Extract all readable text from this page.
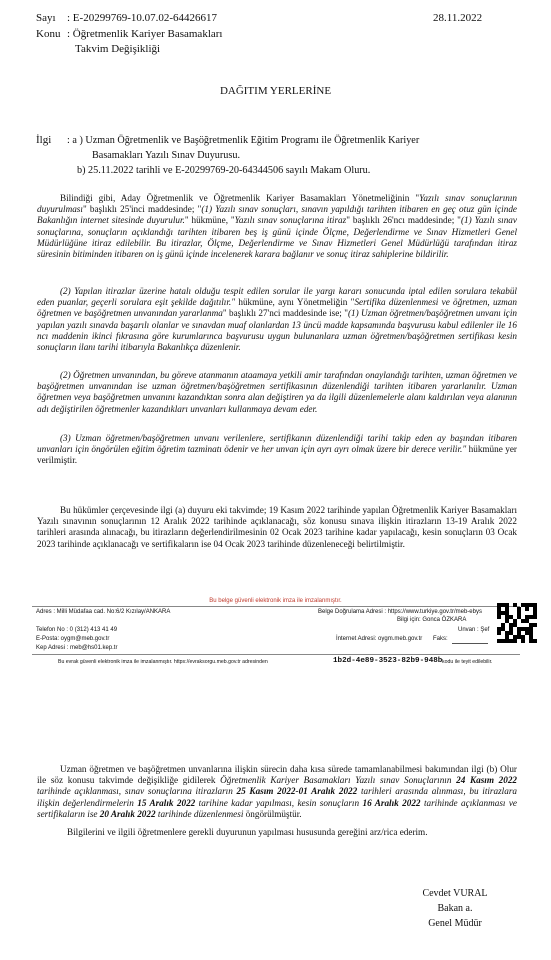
Sayı : E-20299769-10.07.02-64426617	28.11.2022
Konu : Öğretmenlik Kariyer Basamakları
Takvim Değişikliği
DAĞITIM YERLERİNE
İlgi : a ) Uzman Öğretmenlik ve Başöğretmenlik Eğitim Programı ile Öğretmenlik Kariyer
Basamakları Yazılı Sınav Duyurusu.
b) 25.11.2022 tarihli ve E-20299769-20-64344506 sayılı Makam Oluru.
Bilindiği gibi, Aday Öğretmenlik ve Öğretmenlik Kariyer Basamakları Yönetmeliğinin "Yazılı sınav sonuçlarının duyurulması" başlıklı 25'inci maddesinde; "(1) Yazılı sınav sonuçları, sınavın yapıldığı tarihten itibaren en geç otuz gün içinde Bakanlığın internet sitesinde duyurulur." hükmüne, "Yazılı sınav sonuçlarına itiraz" başlıklı 26'ncı maddesinde; "(1) Yazılı sınav sonuçlarına, sonuçların açıklandığı tarihten itibaren beş iş günü içinde Ölçme, Değerlendirme ve Sınav Hizmetleri Genel Müdürlüğüne itiraz edilebilir. Bu itirazlar, Ölçme, Değerlendirme ve Sınav Hizmetleri Genel Müdürlüğü tarafından itiraz süresinin bitiminden itibaren on iş günü içinde incelenerek karara bağlanır ve sonuç itiraz sahiplerine bildirilir.
(2) Yapılan itirazlar üzerine hatalı olduğu tespit edilen sorular ile yargı kararı sonucunda iptal edilen sorulara tekabül eden puanlar, geçerli sorulara eşit şekilde dağıtılır." hükmüne, aynı Yönetmeliğin "Sertifika düzenlenmesi ve öğretmen, uzman öğretmen ve başöğretmen unvanından yararlanma" başlıklı 27'nci maddesinde ise; "(1) Uzman öğretmen/başöğretmen unvanı için yapılan yazılı sınavda başarılı olanlar ve sınavdan muaf olanlardan 13 üncü madde kapsamında başvurusu kabul edilenler ile 16 ncı maddenin ikinci fıkrasına göre kurumlarınca başvurusu uygun bulunanlara uzman öğretmen/başöğretmen sertifikası kesin sonuçların ilanı tarihi itibarıyla Bakanlıkça düzenlenir.
(2) Öğretmen unvanından, bu göreve atanmanın ataamaya yetkili amir tarafından onaylandığı tarihten, uzman öğretmen ve başöğretmen unvanından ise uzman öğretmen/başöğretmen sertifikasının düzenlendiği tarihten itibaren yararlanılır. Uzman öğretmen veya başöğretmen unvanını kazandıktan sonra alan değiştiren ya da ilgili düzenlemelerle alanı kaldırılan veya alanının adı değiştirilen öğretmenler kazandıkları unvanları kullanmaya devam eder.
(3) Uzman öğretmen/başöğretmen unvanı verilenlere, sertifikanın düzenlendiği tarihi takip eden ay başından itibaren unvanları için öngörülen eğitim öğretim tazminatı ödenir ve her unvan için ayrı ayrı olmak üzere bir derece verilir." hükmüne yer verilmiştir.
Bu hükümler çerçevesinde ilgi (a) duyuru eki takvimde; 19 Kasım 2022 tarihinde yapılan Öğretmenlik Kariyer Basamakları Yazılı sınavının sonuçlarının 12 Aralık 2022 tarihinde açıklanacağı, söz konusu sınava ilişkin itirazların 13-19 Aralık 2022 tarihleri arasında alınacağı, bu itirazların değerlendirilmesinin 02 Ocak 2023 tarihine kadar yapılacağı, kesin sonuçların 03 Ocak 2023 tarihinde açıklanacağı ve sertifikaların ise 04 Ocak 2023 tarihinde düzenleneceği belirtilmiştir.
Bu belge güvenli elektronik imza ile imzalanmıştır.
Adres : Milli Müdafaa cad. No:6/2 Kızılay/ANKARA	Belge Doğrulama Adresi : https://www.turkiye.gov.tr/meb-ebys
Bilgi için: Gonca ÖZKARA
Telefon No : 0 (312) 413 41 49	Unvan : Şef
E-Posta: oygm@meb.gov.tr	İnternet Adresi: oygm.meb.gov.tr Faks:
Kep Adresi : meb@hs01.kep.tr
Bu evrak güvenli elektronik imza ile imzalanmıştır. https://evraksorgu.meb.gov.tr adresinden	1b2d-4e89-3523-82b9-948b kodu ile teyit edilebilir.
Uzman öğretmen ve başöğretmen unvanlarına ilişkin sürecin daha kısa sürede tamamlanabilmesi bakımından ilgi (b) Olur ile söz konusu takvimde değişikliğe gidilerek Öğretmenlik Kariyer Basamakları Yazılı sınav Sonuçlarının 24 Kasım 2022 tarihinde açıklanması, sınav sonuçlarına itirazların 25 Kasım 2022-01 Aralık 2022 tarihleri arasında alınması, bu itirazlara ilişkin değerlendirmelerin 15 Aralık 2022 tarihine kadar yapılması, kesin sonuçların 16 Aralık 2022 tarihinde açıklanması ve sertifikaların ise 20 Aralık 2022 tarihinde düzenlenmesi öngörülmüştür.
Bilgilerini ve ilgili öğretmenlere gerekli duyurunun yapılması hususunda gereğini arz/rica ederim.
Cevdet VURAL
Bakan a.
Genel Müdür
